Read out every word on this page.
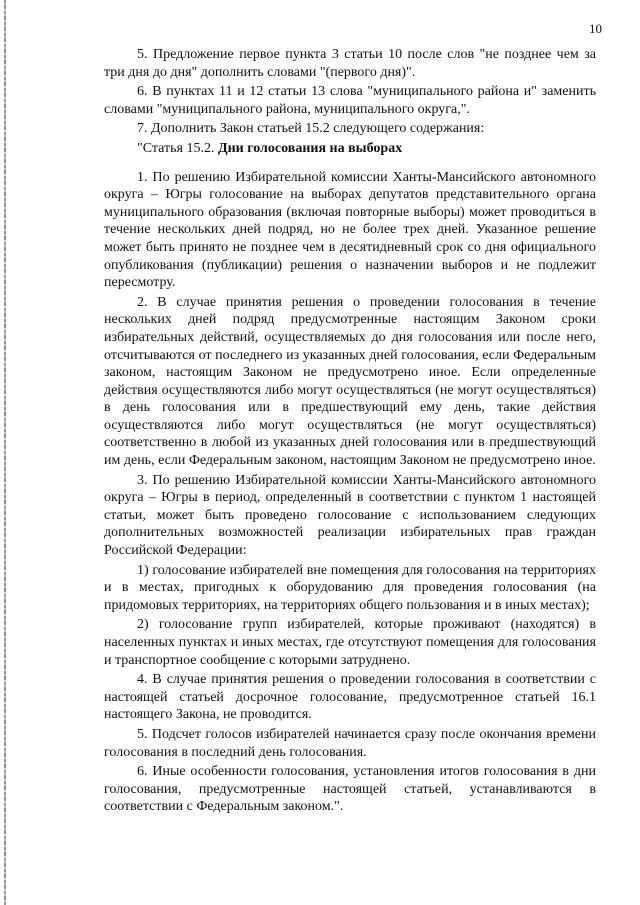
10

5. Предложение первое пункта 3 статьи 10 после слов "не позднее чем за три дня до дня" дополнить словами "(первого дня)".

6. В пунктах 11 и 12 статьи 13 слова "муниципального района и" заменить словами "муниципального района, муниципального округа,".

7. Дополнить Закон статьей 15.2 следующего содержания:

"Статья 15.2. Дни голосования на выборах

1. По решению Избирательной комиссии Ханты-Мансийского автономного округа – Югры голосование на выборах депутатов представительного органа муниципального образования (включая повторные выборы) может проводиться в течение нескольких дней подряд, но не более трех дней. Указанное решение может быть принято не позднее чем в десятидневный срок со дня официального опубликования (публикации) решения о назначении выборов и не подлежит пересмотру.

2. В случае принятия решения о проведении голосования в течение нескольких дней подряд предусмотренные настоящим Законом сроки избирательных действий, осуществляемых до дня голосования или после него, отсчитываются от последнего из указанных дней голосования, если Федеральным законом, настоящим Законом не предусмотрено иное. Если определенные действия осуществляются либо могут осуществляться (не могут осуществляться) в день голосования или в предшествующий ему день, такие действия осуществляются либо могут осуществляться (не могут осуществляться) соответственно в любой из указанных дней голосования или в предшествующий им день, если Федеральным законом, настоящим Законом не предусмотрено иное.

3. По решению Избирательной комиссии Ханты-Мансийского автономного округа – Югры в период, определенный в соответствии с пунктом 1 настоящей статьи, может быть проведено голосование с использованием следующих дополнительных возможностей реализации избирательных прав граждан Российской Федерации:

1) голосование избирателей вне помещения для голосования на территориях и в местах, пригодных к оборудованию для проведения голосования (на придомовых территориях, на территориях общего пользования и в иных местах);

2) голосование групп избирателей, которые проживают (находятся) в населенных пунктах и иных местах, где отсутствуют помещения для голосования и транспортное сообщение с которыми затруднено.

4. В случае принятия решения о проведении голосования в соответствии с настоящей статьей досрочное голосование, предусмотренное статьей 16.1 настоящего Закона, не проводится.

5. Подсчет голосов избирателей начинается сразу после окончания времени голосования в последний день голосования.

6. Иные особенности голосования, установления итогов голосования в дни голосования, предусмотренные настоящей статьей, устанавливаются в соответствии с Федеральным законом.".
